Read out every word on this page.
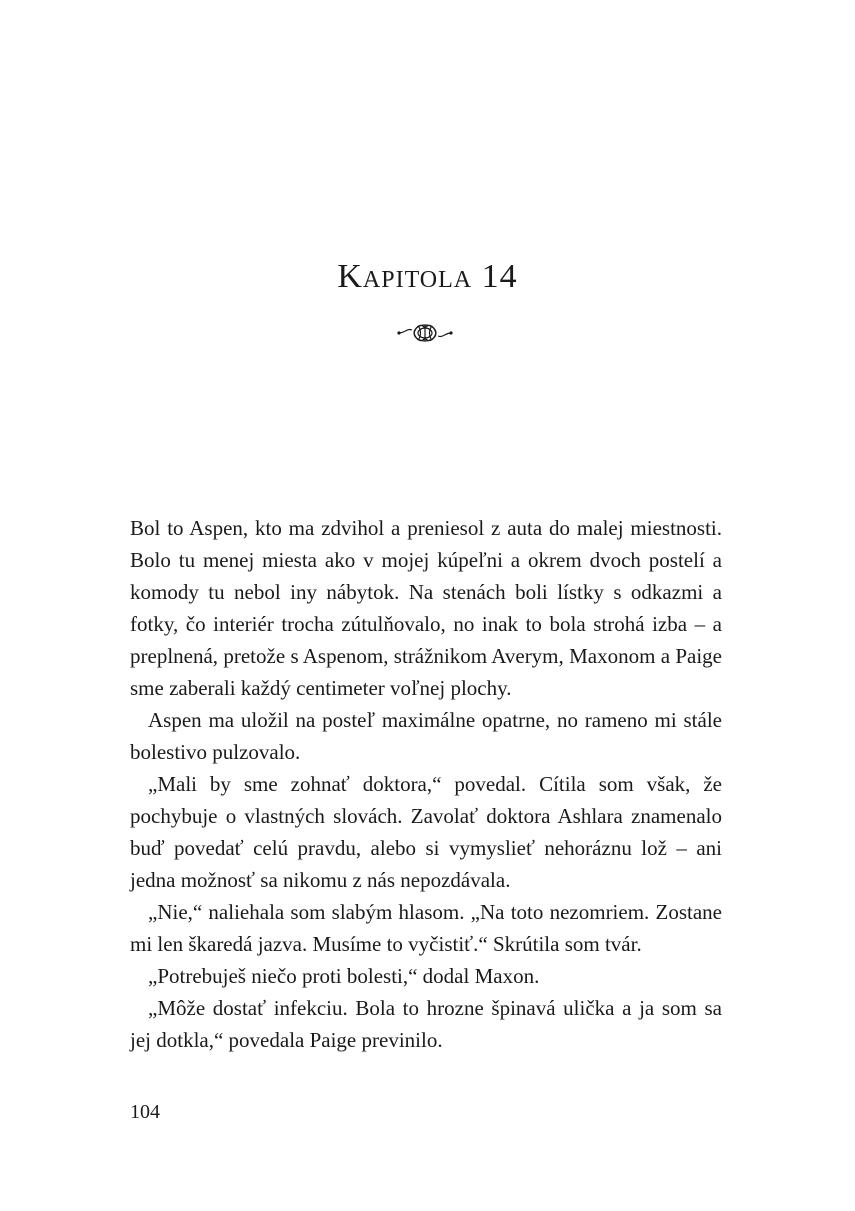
Kapitola 14

Bol to Aspen, kto ma zdvihol a preniesol z auta do malej miestnosti. Bolo tu menej miesta ako v mojej kúpeľni a okrem dvoch postelí a komody tu nebol iny nábytok. Na stenách boli lístky s odkazmi a fotky, čo interiér trocha zútulňovalo, no inak to bola strohá izba – a preplnená, pretože s Aspenom, strážnikom Averym, Maxonom a Paige sme zaberali každý centimeter voľnej plochy.

Aspen ma uložil na posteľ maximálne opatrne, no rameno mi stále bolestivo pulzovalo.

„Mali by sme zohnať doktora,“ povedal. Cítila som však, že pochybuje o vlastných slovách. Zavolať doktora Ashlara znamenalo buď povedať celú pravdu, alebo si vymyslieť nehoráznu lož – ani jedna možnosť sa nikomu z nás nepozdávala.

„Nie,“ naliehala som slabým hlasom. „Na toto nezomriem. Zostane mi len škaredá jazva. Musíme to vyčistiť.“ Skrútila som tvár.

„Potrebuješ niečo proti bolesti,“ dodal Maxon.

„Môže dostať infekciu. Bola to hrozne špinavá ulička a ja som sa jej dotkla,“ povedala Paige previnilo.

104
